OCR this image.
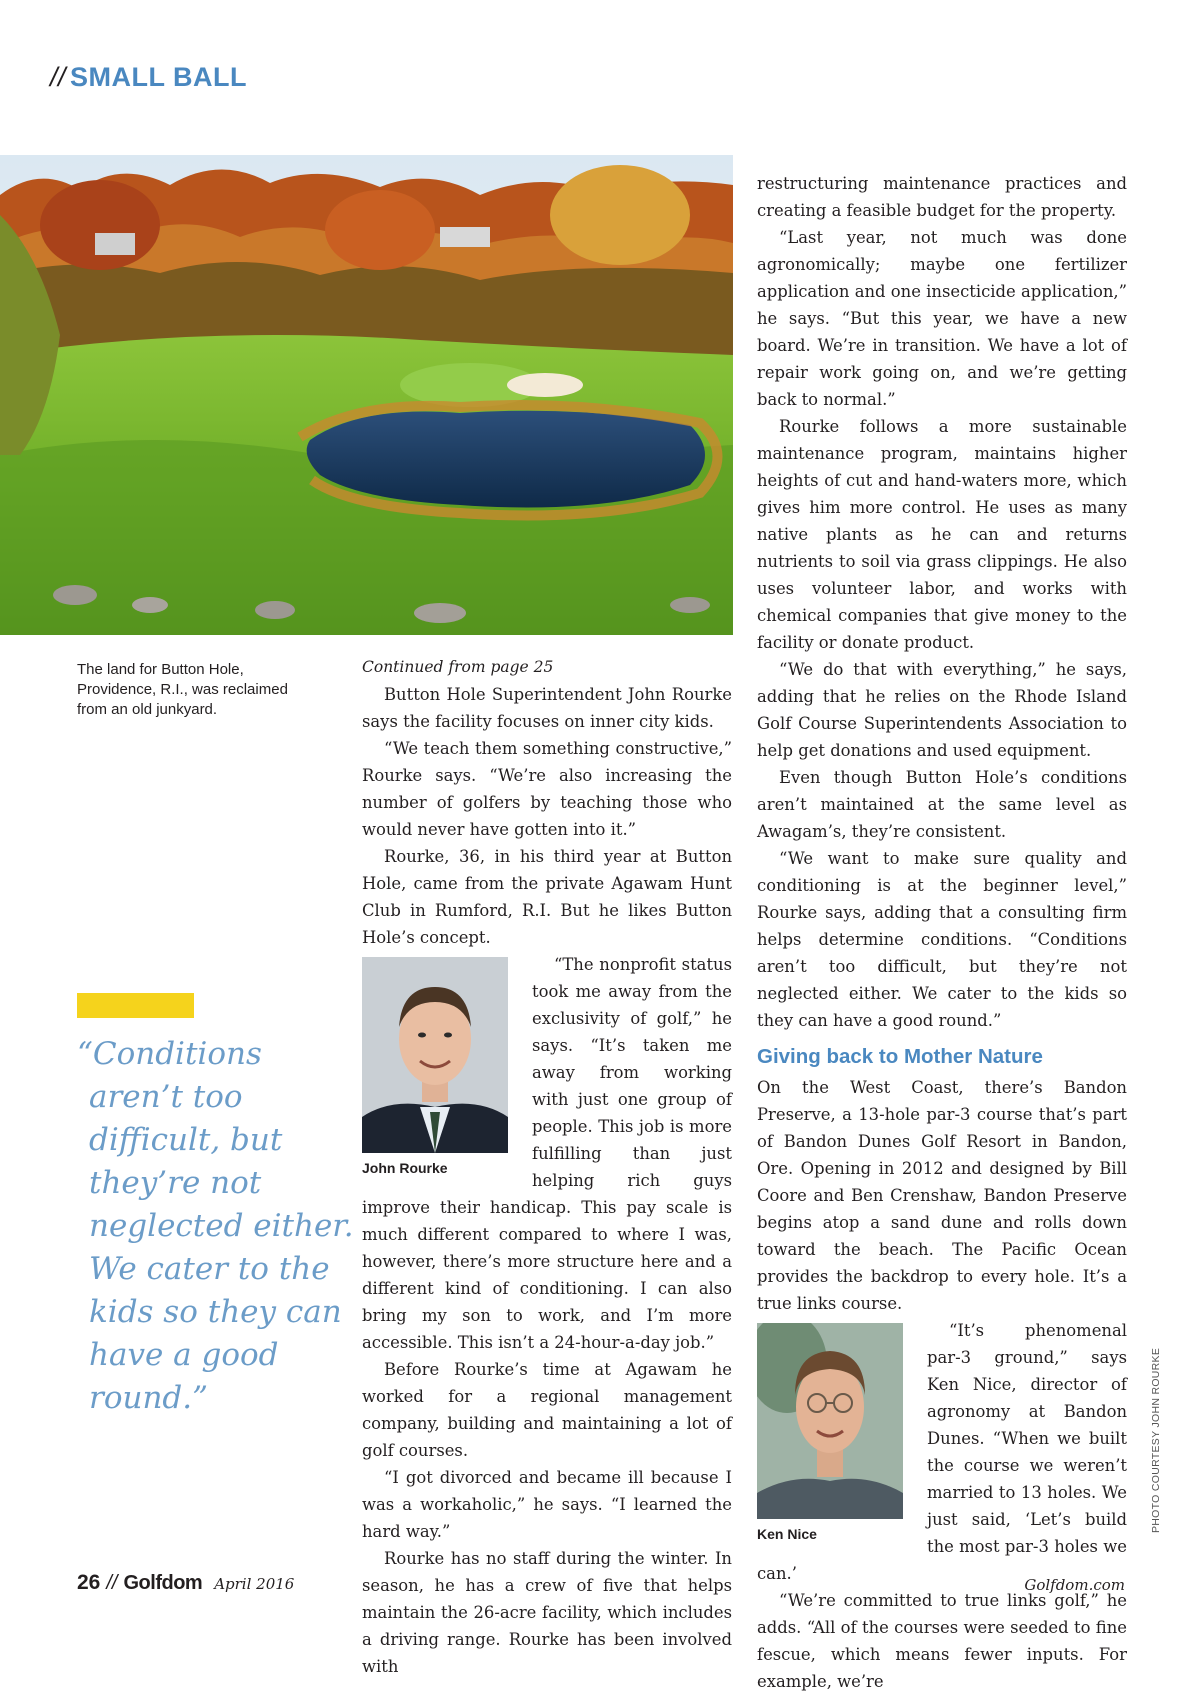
// SMALL BALL
The land for Button Hole, Providence, R.I., was reclaimed from an old junkyard.
“Conditions aren’t too difficult, but they’re not neglected either. We cater to the kids so they can have a good round.”

Continued from page 25

Button Hole Superintendent John Rourke says the facility focuses on inner city kids.

“We teach them something constructive,” Rourke says. “We’re also increasing the number of golfers by teaching those who would never have gotten into it.”

Rourke, 36, in his third year at Button Hole, came from the private Agawam Hunt Club in Rumford, R.I. But he likes Button Hole’s concept.

John Rourke

“The nonprofit status took me away from the exclusivity of golf,” he says. “It’s taken me away from working with just one group of people. This job is more fulfilling than just helping rich guys improve their handicap. This pay scale is much different compared to where I was, however, there’s more structure here and a different kind of conditioning. I can also bring my son to work, and I’m more accessible. This isn’t a 24-hour-a-day job.”

Before Rourke’s time at Agawam he worked for a regional management company, building and maintaining a lot of golf courses.

“I got divorced and became ill because I was a workaholic,” he says. “I learned the hard way.”

Rourke has no staff during the winter. In season, he has a crew of five that helps maintain the 26-acre facility, which includes a driving range. Rourke has been involved with

restructuring maintenance practices and creating a feasible budget for the property.

“Last year, not much was done agronomically; maybe one fertilizer application and one insecticide application,” he says. “But this year, we have a new board. We’re in transition. We have a lot of repair work going on, and we’re getting back to normal.”

Rourke follows a more sustainable maintenance program, maintains higher heights of cut and hand-waters more, which gives him more control. He uses as many native plants as he can and returns nutrients to soil via grass clippings. He also uses volunteer labor, and works with chemical companies that give money to the facility or donate product.

“We do that with everything,” he says, adding that he relies on the Rhode Island Golf Course Superintendents Association to help get donations and used equipment.

Even though Button Hole’s conditions aren’t maintained at the same level as Awagam’s, they’re consistent.

“We want to make sure quality and conditioning is at the beginner level,” Rourke says, adding that a consulting firm helps determine conditions. “Conditions aren’t too difficult, but they’re not neglected either. We cater to the kids so they can have a good round.”

Giving back to Mother Nature

On the West Coast, there’s Bandon Preserve, a 13-hole par-3 course that’s part of Bandon Dunes Golf Resort in Bandon, Ore. Opening in 2012 and designed by Bill Coore and Ben Crenshaw, Bandon Preserve begins atop a sand dune and rolls down toward the beach. The Pacific Ocean provides the backdrop to every hole. It’s a true links course.

Ken Nice

“It’s phenomenal par-3 ground,” says Ken Nice, director of agronomy at Bandon Dunes. “When we built the course we weren’t married to 13 holes. We just said, ‘Let’s build the most par-3 holes we can.’

“We’re committed to true links golf,” he adds. “All of the courses were seeded to fine fescue, which means fewer inputs. For example, we’re

PHOTO COURTESY JOHN ROURKE
26 // Golfdom April 2016	Golfdom.com
